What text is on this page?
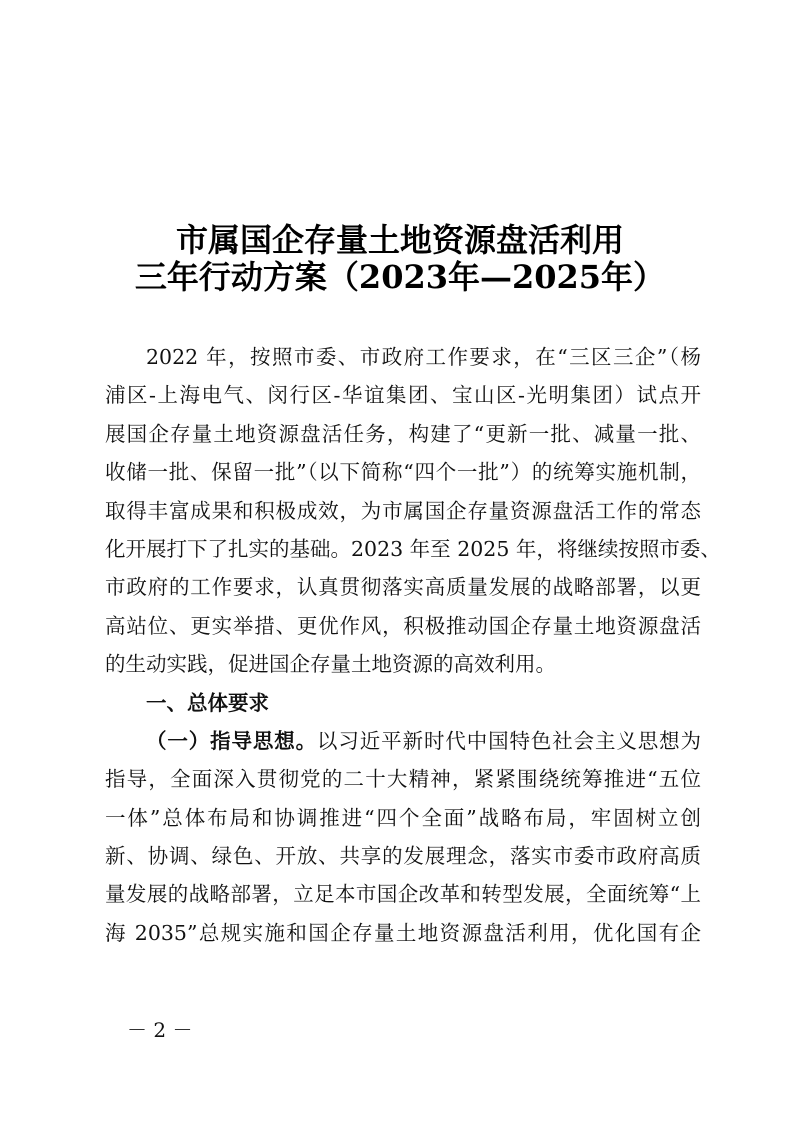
市属国企存量土地资源盘活利用
三年行动方案（2023年—2025年）
2022 年，按照市委、市政府工作要求，在“三区三企”（杨
浦区-上海电气、闵行区-华谊集团、宝山区-光明集团）试点开
展国企存量土地资源盘活任务，构建了“更新一批、减量一批、
收储一批、保留一批”（以下简称“四个一批”）的统筹实施机制，
取得丰富成果和积极成效，为市属国企存量资源盘活工作的常态
化开展打下了扎实的基础。2023 年至 2025 年，将继续按照市委、
市政府的工作要求，认真贯彻落实高质量发展的战略部署，以更
高站位、更实举措、更优作风，积极推动国企存量土地资源盘活
的生动实践，促进国企存量土地资源的高效利用。
一、总体要求
（一）指导思想。以习近平新时代中国特色社会主义思想为
指导，全面深入贯彻党的二十大精神，紧紧围绕统筹推进“五位
一体”总体布局和协调推进“四个全面”战略布局，牢固树立创
新、协调、绿色、开放、共享的发展理念，落实市委市政府高质
量发展的战略部署，立足本市国企改革和转型发展，全面统筹“上
海 2035”总规实施和国企存量土地资源盘活利用，优化国有企
－ 2 －
